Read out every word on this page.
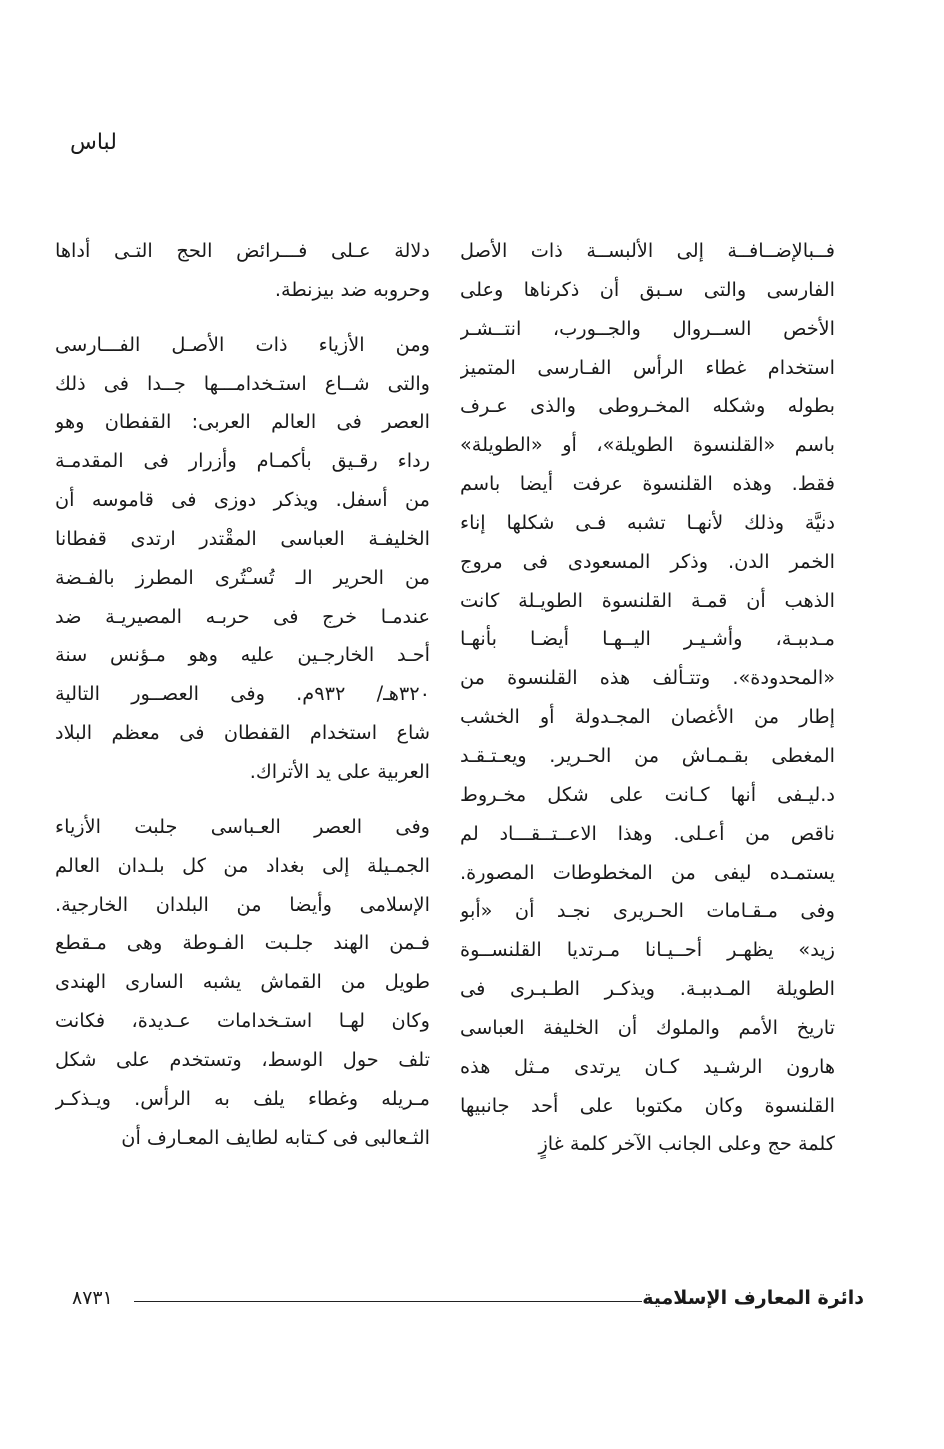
لباس

فــبالإضــافــة إلى الألبســة ذات الأصل
الفارسى والتى سـبق أن ذكرناها وعلى
الأخص الســروال والجــورب، انتــشـر
استخدام غطاء الرأس الفـارسى المتميز
بطوله وشكله المخـروطى والذى عـرف
باسم «القلنسوة الطويلة»، أو «الطويلة»
فقط. وهذه القلنسوة عرفت أيضا باسم
دنيَّة وذلك لأنهـا تشبه فـى شكلها إناء
الخمر الدن. وذكر المسعودى فى مروج
الذهب أن قمـة القلنسوة الطويـلة كانت
مـدببـة، وأشـيـر اليــهـا أيضـا بأنهـا
«المحدودة». وتتـألف هذه القلنسوة من
إطار من الأغصان المجـدولة أو الخشب
المغطى بقـمـاش من الحـرير. ويعـتـقـد
د.ليـفى أنها كـانت على شكل مخـروط
ناقص من أعـلى. وهذا الاعــتــقـــاد لم
يستمـده ليفى من المخطوطات المصورة.
وفى مـقـامات الحـريرى نجـد أن «أبو
زيد» يظهـر أحــيـانا مـرتديا القلنســوة
الطويلة المـدببـة. ويذكـر الطـبـرى فى
تاريخ الأمم والملوك أن الخليفة العباسى
هارون الرشـيد كـان يرتدى مـثل هذه
القلنسوة وكان مكتوبا على أحد جانبيها
كلمة حج وعلى الجانب الآخر كلمة غازٍ

دلالة عـلى فـــرائض الحج التـى أداها
وحروبه ضد بيزنطة.

ومن الأزياء ذات الأصـل الفـــارسى
والتى شــاع استـخدامـــها جــدا فى ذلك
العصر فى العالم العربى: القفطان وهو
رداء رقـيق بأكمـام وأزرار فى المقدمـة
من أسفل. ويذكر دوزى فى قاموسه أن
الخليفـة العباسى المقْتدر ارتدى قفطانا
من الحرير الـ تُسـْتُرى المطرز بالفـضة
عندمـا خرج فى حربـه المصيريـة ضد
أحـد الخارجـين عليه وهو مـؤنس سنة
٣٢٠هـ/ ٩٣٢م. وفى العصــور التالية
شاع استخدام القفطان فى معظم البلاد
العربية على يد الأتراك.

وفى العصر العـباسى جلبت الأزياء
الجمـيلة إلى بغداد من كل بلـدان العالم
الإسلامى وأيضا من البلدان الخارجية.
فـمن الهند جلـبت الفـوطة وهى مـقطع
طويل من القماش يشبه السارى الهندى
وكان لهـا استـخدامات عـديدة، فكانت
تلف حول الوسط، وتستخدم على شكل
مـريله وغطاء يلف به الرأس. ويـذكـر
الثـعالبى فى كـتابه لطايف المعـارف أن

٨٧٣١	دائرة المعارف الإسلامية
